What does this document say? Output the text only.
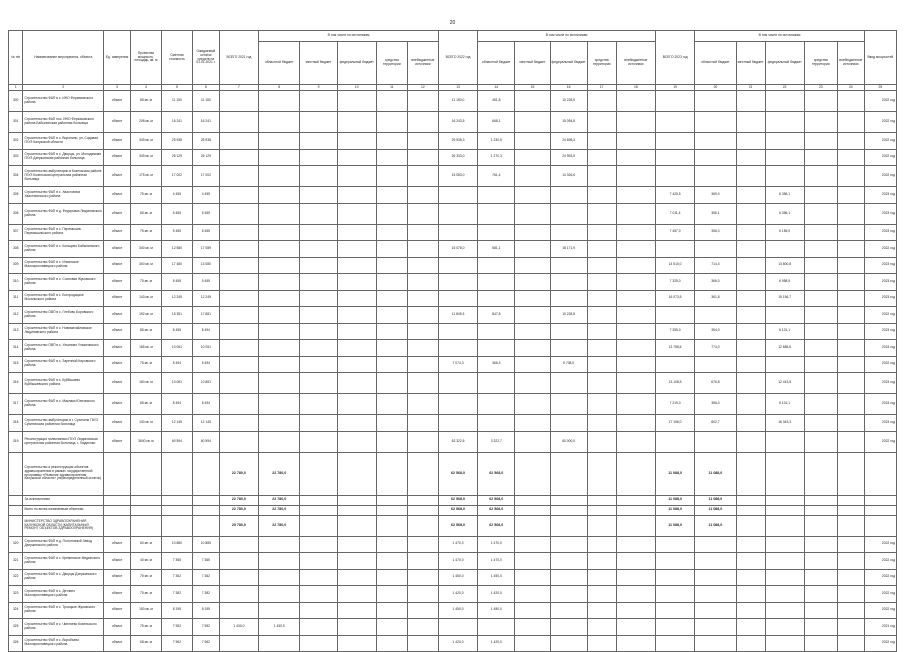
20
№ п/п	Наименование мероприятия, объекта	Ед. измерения	Проектная мощность, площадь, кв. м	Сметная стоимость	Ожидаемый остаток средств на 01.01.2021 г.	ВСЕГО 2021 год	В том числе по источникам					ВСЕГО 2022 год	В том числе по источникам					ВСЕГО 2023 год	В том числе по источникам					Ввод мощностей
							областной бюджет	местный бюджет	федеральный бюджет	средства территории	внебюджетные источники		областной бюджет	местный бюджет	федеральный бюджет	средства территории	внебюджетные источники		областной бюджет	местный бюджет	федеральный бюджет	средства территории	внебюджетные источники	
1	2	3	4	5	6	7	8	9	10	11	12	13	14	15	16	17	18	19	20	21	22	23	24	25
300	Строительство ФАП в с. ИНО Ферзиковского района	объект	85 кв. м	11 150	11 150							11 150,0	451,8		10 228,5									2022 год
301	Строительство ФАП пос. ИНО Ферзиковского района Бабынинская районная больница	объект	208 кв. м	16 241	16 241							16 243,5	668,1		15 054,8									2022 год
302	Строительство ФАП в с. Воронино, ул. Садовая ГБУЗ Калужской области	объект	349 кв. м	25 938	25 938							25 938,3	1 230,5		24 698,3									2022 год
303	Строительство ФАП в с. Дворцы, ул. Молодежная ГБУЗ Дзержинская районная больница	объект	349 кв. м	26 129	26 129							26 333,0	1 270,3		24 953,5									2022 год
304	Строительство амбулатории в Козельском районе ГБУЗ Козельская центральная районная больница	объект	175 кв. м	17 002	17 002							15 083,0	761,4		14 326,6									2022 год
305	Строительство ФАП в с. Хвастовичи Хвастовичского района	объект	75 кв. м	4 455	4 455													7 425,5	369,0		6 356,1			2023 год
306	Строительство ФАП в д. Федоровка Людиновского района	объект	85 кв. м	5 455	5 455													7 011,4	356,1		6 356,1			2023 год
307	Строительство ФАП в с. Перемышль Перемышльского района	объект	75 кв. м	5 455	5 455													7 457,0	356,0		6 155,0			2023 год
308	Строительство ФАП в с. Кольцово Бабынинского района	объект	340 кв. м	12 580	17 089							15 078,0	581,1		18 171,9									2022 год
309	Строительство ФАП в с. Ильинское Малоярославецкого района	объект	300 кв. м	17 480	13 080													14 510,0	714,4		13 800,8			2023 год
310	Строительство ФАП в с. Сосновка Жуковского района	объект	75 кв. м	5 455	5 455													7 325,0	366,0		6 958,5			2023 год
311	Строительство ФАП в с. Богородицкое Мосальского района	объект	143 кв. м	12 249	12 249													16 073,5	361,8		15 156,7			2023 год
312	Строительство ОВП в с. Глебово Боровского района	объект	192 кв. м	15 351	17 881							11 849,3	847,8		10 228,5									2022 год
313	Строительство ФАП в с. Новомихайловское Людиновского района	объект	85 кв. м	8 455	8 494													7 355,0	354,0		6 101,1			2023 год
314	Строительство ОВП в с. Ульяново Ульяновского района	объект	165 кв. м	10 051	10 051													13 758,6	774,0		12 688,6			2023 год
315	Строительство ФАП в с. Заречный Кировского района	объект	75 кв. м	5 494	5 494							7 074,3	366,3		6 708,0									2022 год
316	Строительство ФАП в с. Куйбышево Куйбышевского района	объект	160 кв. м	10 081	10 881													13 108,5	676,8		12 443,5			2023 год
317	Строительство ФАП в с. Маклаки Юхновского района	объект	85 кв. м	8 494	8 494													7 219,0	356,0		6 101,1			2023 год
318	Строительство амбулатории в г. Сухиничи ГБУЗ Сухиничская районная больница	объект	140 кв. м	12 145	12 145													17 156,0	802,7		16 343,3			2023 год
319	Реконструкция поликлиники ГБУЗ Людиновская центральная районная больница, г. Людиново	объект	3600 кв. м	60 594	60 594							63 322,6	3 322,7		60 000,0									2022 год
	Строительство и реконструкция объектов здравоохранения в рамках государственной программы «Развитие здравоохранения Калужской области» (нераспределенный остаток)					22 780,0	22 780,0					62 568,0	62 568,0					11 088,0	11 088,0					
	За исключением					22 780,0	22 780,0					62 568,0	62 568,0					11 088,0	11 088,0					
	Всего по вновь начинаемым объектам					22 780,0	22 780,0					62 568,0	62 568,0					11 088,0	11 088,0					
	МИНИСТЕРСТВО ЗДРАВООХРАНЕНИЯ КАЛУЖСКОЙ ОБЛАСТИ (КАПИТАЛЬНЫЙ РЕМОНТ ОБЪЕКТОВ ЗДРАВООХРАНЕНИЯ)					25 780,0	22 780,0					62 568,0	62 568,0					11 088,0	11 088,0					
320	Строительство ФАП в д. Полотняный Завод Дзержинского района	объект	60 кв. м	10 880	10 885							1 470,0	1 470,0											2022 год
321	Строительство ФАП в с. Кременское Медынского района	объект	40 кв. м	7 365	7 365							1 470,0	1 470,0											2022 год
322	Строительство ФАП в с. Дворцы Дзержинского района	объект	75 кв. м	7 362	7 362							1 450,0	1 450,0											2022 год
323	Строительство ФАП в с. Детчино Малоярославецкого района	объект	75 кв. м	7 382	7 382							1 420,0	1 420,0											2022 год
324	Строительство ФАП в с. Троицкое Жуковского района	объект	150 кв. м	8 195	8 195							1 450,0	1 450,0											2022 год
325	Строительство ФАП в с. Чипляево Козельского района	объект	75 кв. м	7 952	7 952	1 430,0	1 430,0																	2021 год
326	Строительство ФАП в с. Воробьево Малоярославецкого района	объект	68 кв. м	7 962	7 962							1 420,0	1 420,0											2022 год
